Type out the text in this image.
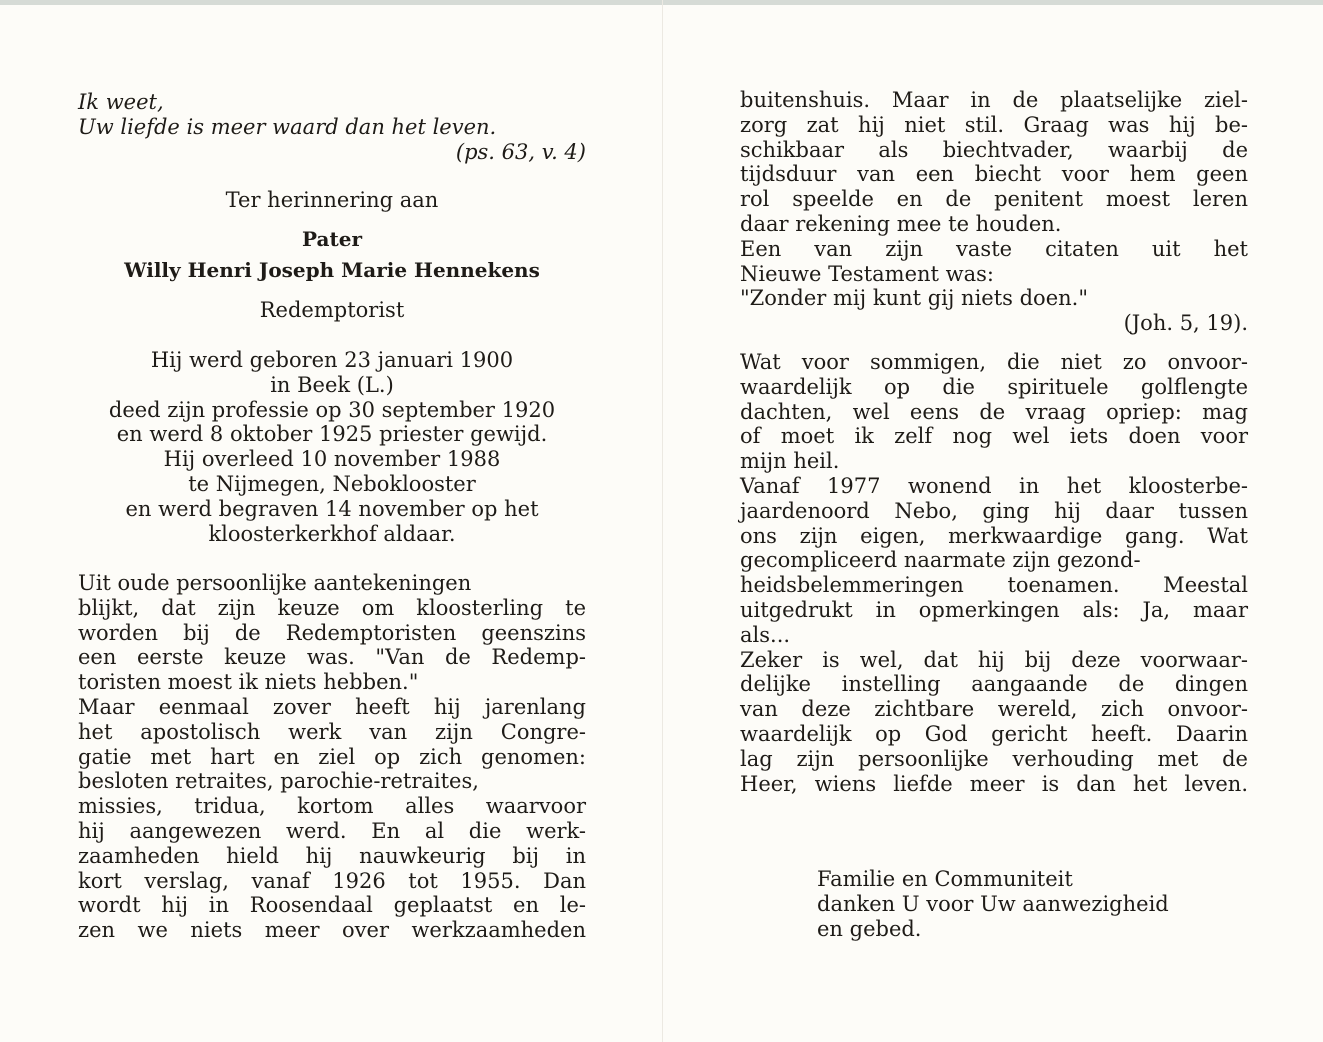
Ik weet,
Uw liefde is meer waard dan het leven.
(ps. 63, v. 4)
Ter herinnering aan
Pater
Willy Henri Joseph Marie Hennekens
Redemptorist
Hij werd geboren 23 januari 1900
in Beek (L.)
deed zijn professie op 30 september 1920
en werd 8 oktober 1925 priester gewijd.
Hij overleed 10 november 1988
te Nijmegen, Neboklooster
en werd begraven 14 november op het
kloosterkerkhof aldaar.
Uit oude persoonlijke aantekeningen
blijkt, dat zijn keuze om kloosterling te
worden bij de Redemptoristen geenszins
een eerste keuze was. "Van de Redemp-
toristen moest ik niets hebben."
Maar eenmaal zover heeft hij jarenlang
het apostolisch werk van zijn Congre-
gatie met hart en ziel op zich genomen:
besloten retraites, parochie-retraites,
missies, tridua, kortom alles waarvoor
hij aangewezen werd. En al die werk-
zaamheden hield hij nauwkeurig bij in
kort verslag, vanaf 1926 tot 1955. Dan
wordt hij in Roosendaal geplaatst en le-
zen we niets meer over werkzaamheden
buitenshuis. Maar in de plaatselijke ziel-
zorg zat hij niet stil. Graag was hij be-
schikbaar als biechtvader, waarbij de
tijdsduur van een biecht voor hem geen
rol speelde en de penitent moest leren
daar rekening mee te houden.
Een van zijn vaste citaten uit het
Nieuwe Testament was:
"Zonder mij kunt gij niets doen."
(Joh. 5, 19).
Wat voor sommigen, die niet zo onvoor-
waardelijk op die spirituele golflengte
dachten, wel eens de vraag opriep: mag
of moet ik zelf nog wel iets doen voor
mijn heil.
Vanaf 1977 wonend in het kloosterbe-
jaardenoord Nebo, ging hij daar tussen
ons zijn eigen, merkwaardige gang. Wat
gecompliceerd naarmate zijn gezond-
heidsbelemmeringen toenamen. Meestal
uitgedrukt in opmerkingen als: Ja, maar
als...
Zeker is wel, dat hij bij deze voorwaar-
delijke instelling aangaande de dingen
van deze zichtbare wereld, zich onvoor-
waardelijk op God gericht heeft. Daarin
lag zijn persoonlijke verhouding met de
Heer, wiens liefde meer is dan het leven.
Familie en Communiteit
danken U voor Uw aanwezigheid
en gebed.
